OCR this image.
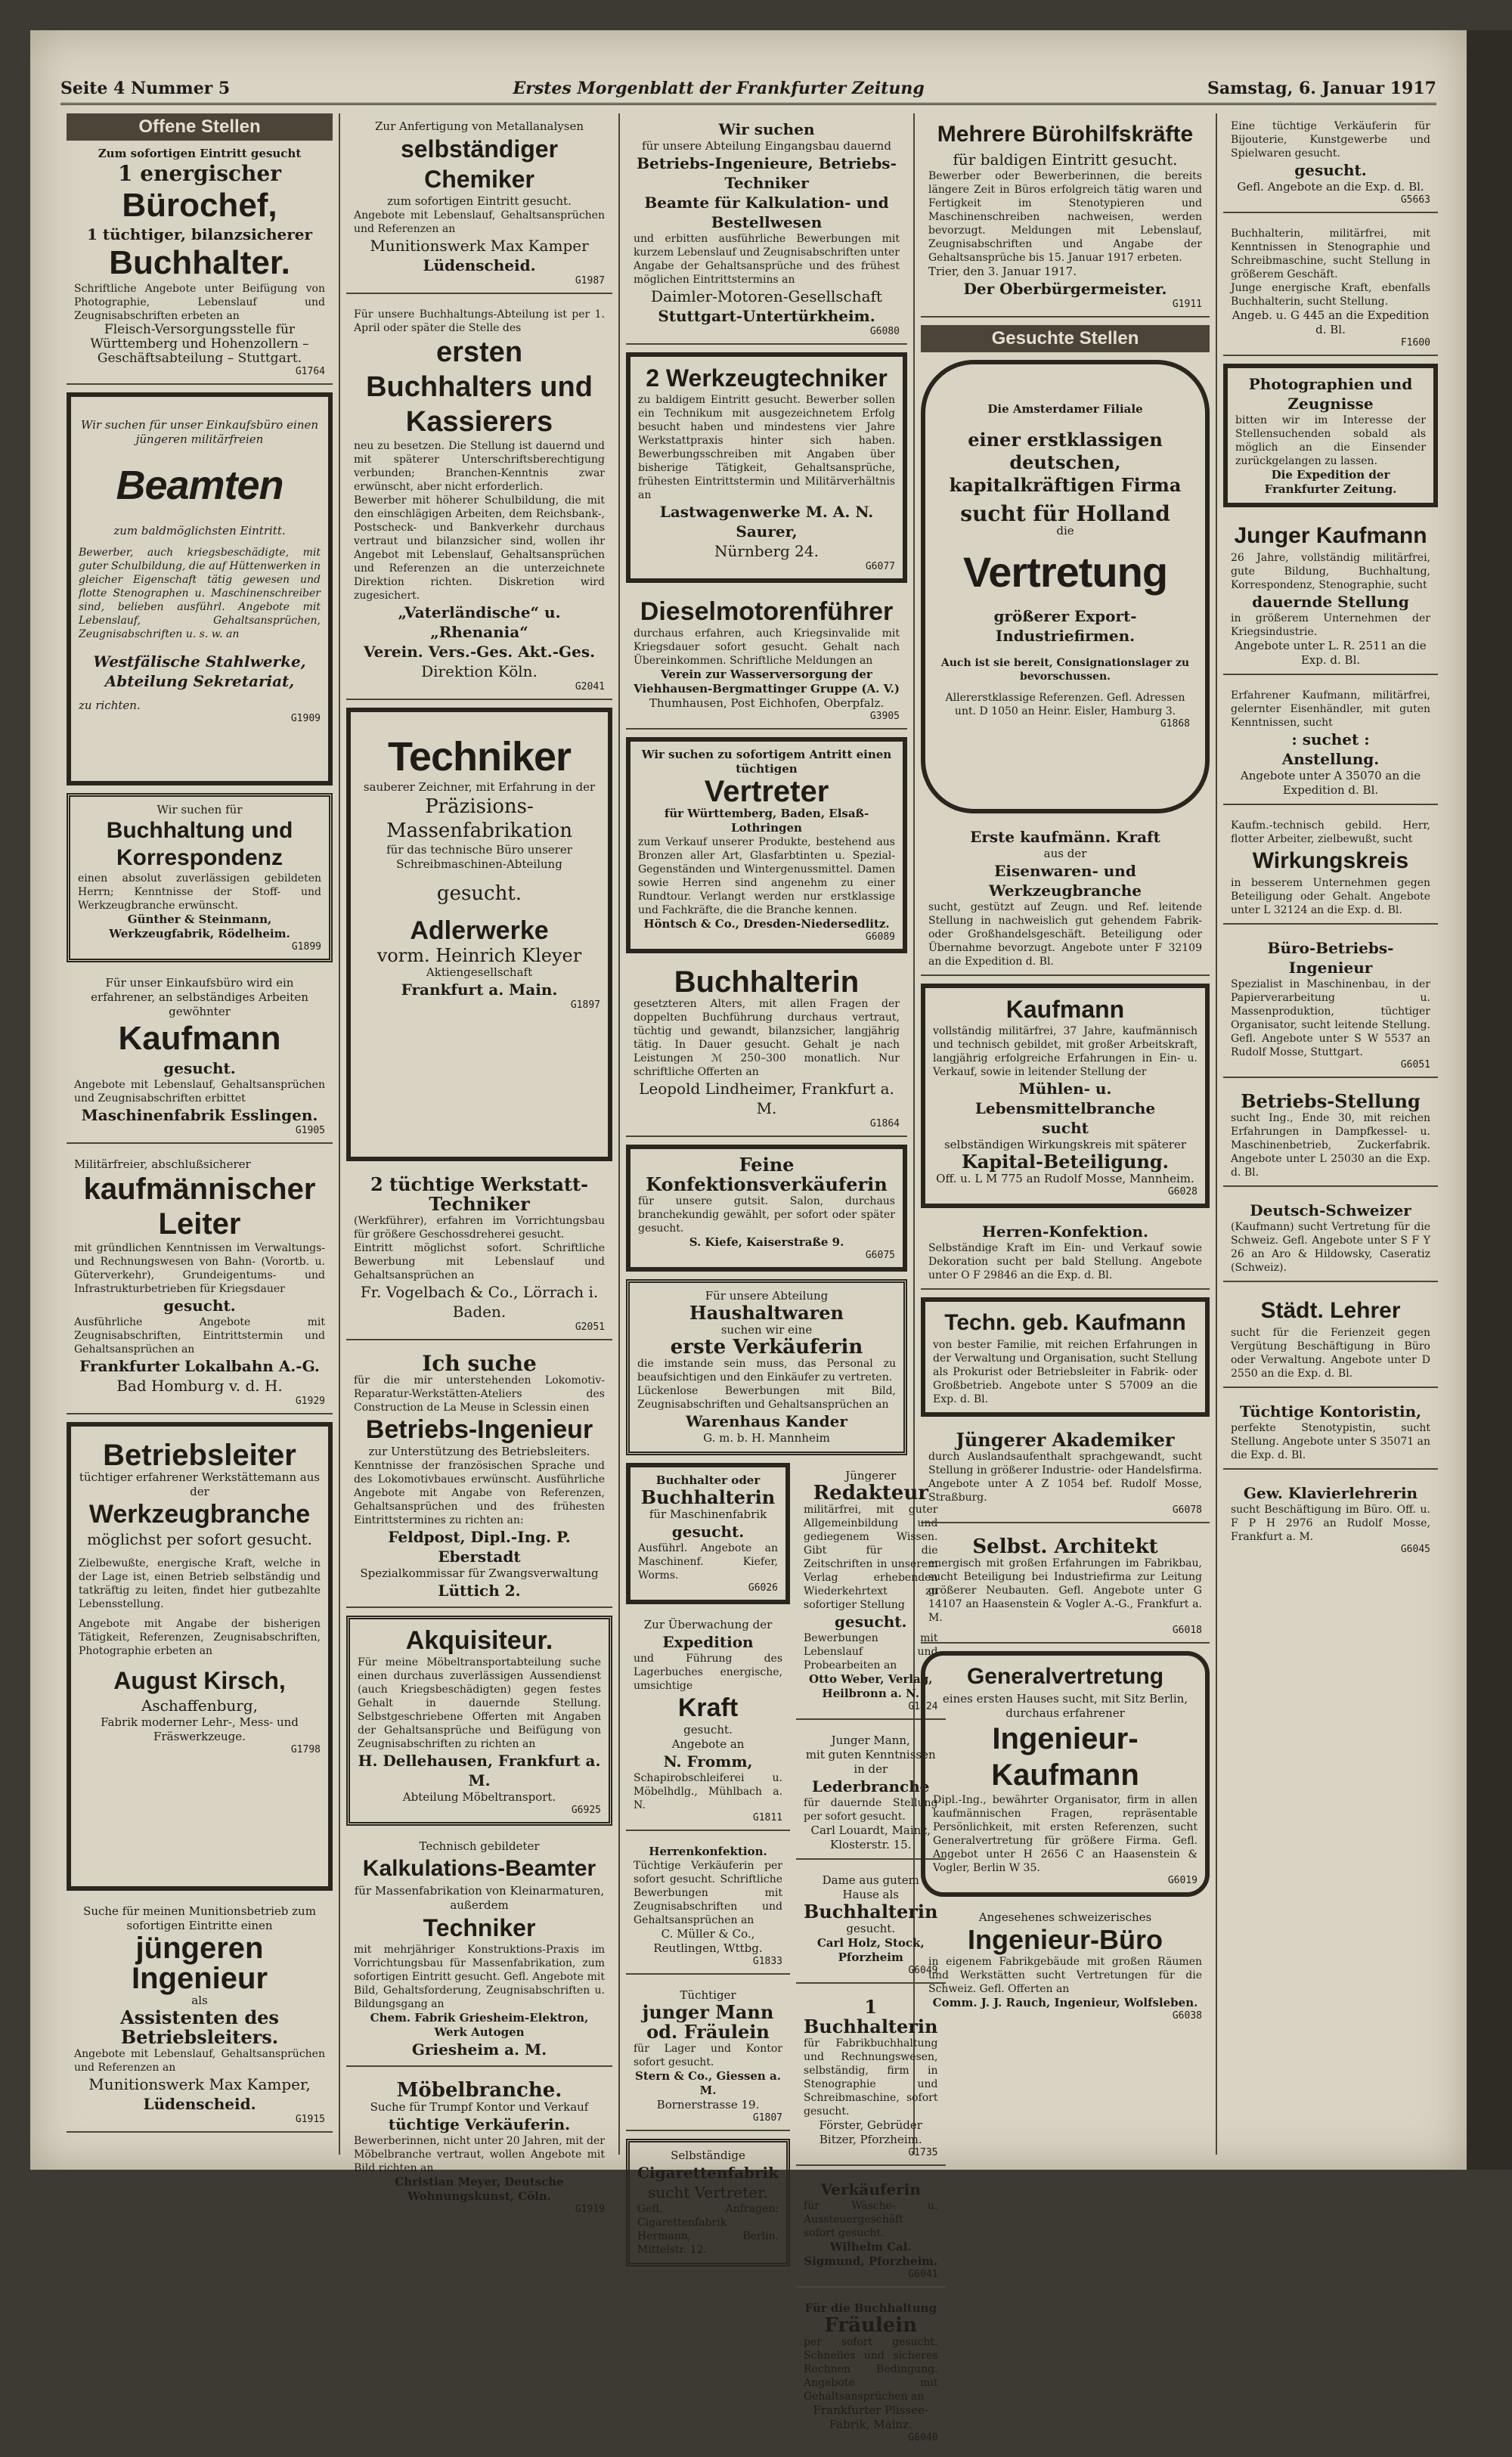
Seite 4 Nummer 5	Erstes Morgenblatt der Frankfurter Zeitung	Samstag, 6. Januar 1917
Offene Stellen
Zum sofortigen Eintritt gesucht
1 energischer
Bürochef,
1 tüchtiger, bilanzsicherer
Buchhalter.
Schriftliche Angebote unter Beifügung von Photographie, Lebenslauf und Zeugnisabschriften erbeten an
Fleisch-Versorgungsstelle für Württemberg und Hohenzollern – Geschäftsabteilung – Stuttgart.
G1764
Wir suchen für unser Einkaufsbüro einen jüngeren militärfreien
Beamten
zum baldmöglichsten Eintritt.
Bewerber, auch kriegsbeschädigte, mit guter Schulbildung, die auf Hüttenwerken in gleicher Eigenschaft tätig gewesen und flotte Stenographen u. Maschinenschreiber sind, belieben ausführl. Angebote mit Lebenslauf, Gehaltsansprüchen, Zeugnisabschriften u. s. w. an
Westfälische Stahlwerke, Abteilung Sekretariat,
zu richten.
G1909
Wir suchen für
Buchhaltung und Korrespondenz
einen absolut zuverlässigen gebildeten Herrn; Kenntnisse der Stoff- und Werkzeugbranche erwünscht.
Günther & Steinmann, Werkzeugfabrik, Rödelheim.
G1899
Für unser Einkaufsbüro wird ein erfahrener, an selbständiges Arbeiten gewöhnter
Kaufmann
gesucht.
Angebote mit Lebenslauf, Gehaltsansprüchen und Zeugnisabschriften erbittet
Maschinenfabrik Esslingen.
G1905
Militärfreier, abschlußsicherer
kaufmännischer Leiter
mit gründlichen Kenntnissen im Verwaltungs- und Rechnungswesen von Bahn- (Vorortb. u. Güterverkehr), Grundeigentums- und Infrastrukturbetrieben für Kriegsdauer
gesucht.
Ausführliche Angebote mit Zeugnisabschriften, Eintrittstermin und Gehaltsansprüchen an
Frankfurter Lokalbahn A.-G.
Bad Homburg v. d. H.
G1929
Betriebsleiter
tüchtiger erfahrener Werkstättemann aus der
Werkzeugbranche
möglichst per sofort gesucht.
Zielbewußte, energische Kraft, welche in der Lage ist, einen Betrieb selbständig und tatkräftig zu leiten, findet hier gutbezahlte Lebensstellung.
Angebote mit Angabe der bisherigen Tätigkeit, Referenzen, Zeugnisabschriften, Photographie erbeten an
August Kirsch,
Aschaffenburg,
Fabrik moderner Lehr-, Mess- und Fräswerkzeuge.
G1798
Suche für meinen Munitionsbetrieb zum sofortigen Eintritte einen
jüngeren Ingenieur
als
Assistenten des Betriebsleiters.
Angebote mit Lebenslauf, Gehaltsansprüchen und Referenzen an
Munitionswerk Max Kamper,
Lüdenscheid.
G1915
Zur Anfertigung von Metallanalysen
selbständiger Chemiker
zum sofortigen Eintritt gesucht.
Angebote mit Lebenslauf, Gehaltsansprüchen und Referenzen an
Munitionswerk Max Kamper
Lüdenscheid.
G1987
Für unsere Buchhaltungs-Abteilung ist per 1. April oder später die Stelle des
ersten Buchhalters und Kassierers
neu zu besetzen. Die Stellung ist dauernd und mit späterer Unterschriftsberechtigung verbunden; Branchen-Kenntnis zwar erwünscht, aber nicht erforderlich.
Bewerber mit höherer Schulbildung, die mit den einschlägigen Arbeiten, dem Reichsbank-, Postscheck- und Bankverkehr durchaus vertraut und bilanzsicher sind, wollen ihr Angebot mit Lebenslauf, Gehaltsansprüchen und Referenzen an die unterzeichnete Direktion richten. Diskretion wird zugesichert.
„Vaterländische“ u. „Rhenania“
Verein. Vers.-Ges. Akt.-Ges.
Direktion Köln.
G2041
Techniker
sauberer Zeichner, mit Erfahrung in der
Präzisions-Massenfabrikation
für das technische Büro unserer Schreibmaschinen-Abteilung
gesucht.
Adlerwerke
vorm. Heinrich Kleyer
Aktiengesellschaft
Frankfurt a. Main.
G1897
2 tüchtige Werkstatt-Techniker
(Werkführer), erfahren im Vorrichtungsbau für größere Geschossdreherei gesucht.
Eintritt möglichst sofort. Schriftliche Bewerbung mit Lebenslauf und Gehaltsansprüchen an
Fr. Vogelbach & Co., Lörrach i. Baden.
G2051
Ich suche
für die mir unterstehenden Lokomotiv-Reparatur-Werkstätten-Ateliers des Construction de La Meuse in Sclessin einen
Betriebs-Ingenieur
zur Unterstützung des Betriebsleiters.
Kenntnisse der französischen Sprache und des Lokomotivbaues erwünscht. Ausführliche Angebote mit Angabe von Referenzen, Gehaltsansprüchen und des frühesten Eintrittstermines zu richten an:
Feldpost, Dipl.-Ing. P. Eberstadt
Spezialkommissar für Zwangsverwaltung
Lüttich 2.
Akquisiteur.
Für meine Möbeltransportabteilung suche einen durchaus zuverlässigen Aussendienst (auch Kriegsbeschädigten) gegen festes Gehalt in dauernde Stellung. Selbstgeschriebene Offerten mit Angaben der Gehaltsansprüche und Beifügung von Zeugnisabschriften zu richten an
H. Dellehausen, Frankfurt a. M.
Abteilung Möbeltransport.
G6925
Technisch gebildeter
Kalkulations-Beamter
für Massenfabrikation von Kleinarmaturen, außerdem
Techniker
mit mehrjähriger Konstruktions-Praxis im Vorrichtungsbau für Massenfabrikation, zum sofortigen Eintritt gesucht. Gefl. Angebote mit Bild, Gehaltsforderung, Zeugnisabschriften u. Bildungsgang an
Chem. Fabrik Griesheim-Elektron, Werk Autogen
Griesheim a. M.
Möbelbranche.
Suche für Trumpf Kontor und Verkauf
tüchtige Verkäuferin.
Bewerberinnen, nicht unter 20 Jahren, mit der Möbelbranche vertraut, wollen Angebote mit Bild richten an
Christian Meyer, Deutsche Wohnungskunst, Cöln.
G1919
Wir suchen
für unsere Abteilung Eingangsbau dauernd
Betriebs-Ingenieure, Betriebs-Techniker
Beamte für Kalkulation- und Bestellwesen
und erbitten ausführliche Bewerbungen mit kurzem Lebenslauf und Zeugnisabschriften unter Angabe der Gehaltsansprüche und des frühest möglichen Eintrittstermins an
Daimler-Motoren-Gesellschaft
Stuttgart-Untertürkheim.
G6080
2 Werkzeugtechniker
zu baldigem Eintritt gesucht. Bewerber sollen ein Technikum mit ausgezeichnetem Erfolg besucht haben und mindestens vier Jahre Werkstattpraxis hinter sich haben. Bewerbungsschreiben mit Angaben über bisherige Tätigkeit, Gehaltsansprüche, frühesten Eintrittstermin und Militärverhältnis an
Lastwagenwerke M. A. N. Saurer,
Nürnberg 24.
G6077
Dieselmotorenführer
durchaus erfahren, auch Kriegsinvalide mit Kriegsdauer sofort gesucht. Gehalt nach Übereinkommen. Schriftliche Meldungen an
Verein zur Wasserversorgung der Viehhausen-Bergmattinger Gruppe (A. V.)
Thumhausen, Post Eichhofen, Oberpfalz.
G3905
Wir suchen zu sofortigem Antritt einen tüchtigen
Vertreter
für Württemberg, Baden, Elsaß-Lothringen
zum Verkauf unserer Produkte, bestehend aus Bronzen aller Art, Glasfarbtinten u. Spezial-Gegenständen und Wintergenussmittel. Damen sowie Herren sind angenehm zu einer Rundtour. Verlangt werden nur erstklassige und Fachkräfte, die die Branche kennen.
Höntsch & Co., Dresden-Niedersedlitz.
G6089
Buchhalterin
gesetzteren Alters, mit allen Fragen der doppelten Buchführung durchaus vertraut, tüchtig und gewandt, bilanzsicher, langjährig tätig. In Dauer gesucht. Gehalt je nach Leistungen ℳ 250–300 monatlich. Nur schriftliche Offerten an
Leopold Lindheimer, Frankfurt a. M.
G1864
Feine Konfektionsverkäuferin
für unsere gutsit. Salon, durchaus branchekundig gewählt, per sofort oder später gesucht.
S. Kiefe, Kaiserstraße 9.
G6075
Für unsere Abteilung
Haushaltwaren
suchen wir eine
erste Verkäuferin
die imstande sein muss, das Personal zu beaufsichtigen und den Einkäufer zu vertreten.
Lückenlose Bewerbungen mit Bild, Zeugnisabschriften und Gehaltsansprüchen an
Warenhaus Kander
G. m. b. H. Mannheim
Buchhalter oder
Buchhalterin
für Maschinenfabrik
gesucht.
Ausführl. Angebote an Maschinenf. Kiefer, Worms.
G6026
Zur Überwachung der
Expedition
und Führung des Lagerbuches energische, umsichtige
Kraft
gesucht.
Angebote an
N. Fromm,
Schapirobschleiferei u. Möbelhdlg., Mühlbach a. N.
G1811
Herrenkonfektion.
Tüchtige Verkäuferin per sofort gesucht. Schriftliche Bewerbungen mit Zeugnisabschriften und Gehaltsansprüchen an
C. Müller & Co., Reutlingen, Wttbg.
G1833
Tüchtiger
junger Mann
od. Fräulein
für Lager und Kontor sofort gesucht.
Stern & Co., Giessen a. M.
Bornerstrasse 19.
G1807
Selbständige
Cigarettenfabrik
sucht Vertreter.
Gefl. Anfragen: Cigarettenfabrik Hermann, Berlin, Mittelstr. 12.
Jüngerer
Redakteur
militärfrei, mit guter Allgemeinbildung und gediegenem Wissen. Gibt für die Zeitschriften in unserem Verlag erhebenden Wiederkehrtext zu sofortiger Stellung
gesucht.
Bewerbungen mit Lebenslauf und Probearbeiten an
Otto Weber, Verlag, Heilbronn a. N.
G1824
Junger Mann,
mit guten Kenntnissen in der
Lederbranche
für dauernde Stellung per sofort gesucht.
Carl Louardt, Mainz, Klosterstr. 15.
Dame aus gutem Hause als
Buchhalterin
gesucht.
Carl Holz, Stock, Pforzheim
G6049
1 Buchhalterin
für Fabrikbuchhaltung und Rechnungswesen, selbständig, firm in Stenographie und Schreibmaschine, sofort gesucht.
Förster, Gebrüder Bitzer, Pforzheim.
G1735
Verkäuferin
für Wäsche- u. Aussteuergeschäft sofort gesucht.
Wilhelm Cal. Sigmund, Pforzheim.
G6041
Für die Buchhaltung
Fräulein
per sofort gesucht. Schnelles und sicheres Rechnen Bedingung. Angebote mit Gehaltsansprüchen an
Frankfurter Plissee-Fabrik, Mainz.
G6040
Mehrere Bürohilfskräfte
für baldigen Eintritt gesucht.
Bewerber oder Bewerberinnen, die bereits längere Zeit in Büros erfolgreich tätig waren und Fertigkeit im Stenotypieren und Maschinenschreiben nachweisen, werden bevorzugt. Meldungen mit Lebenslauf, Zeugnisabschriften und Angabe der Gehaltsansprüche bis 15. Januar 1917 erbeten.
Trier, den 3. Januar 1917.
Der Oberbürgermeister.
G1911
Gesuchte Stellen
Die Amsterdamer Filiale
einer erstklassigen deutschen, kapitalkräftigen Firma
sucht für Holland
die
Vertretung
größerer Export-Industriefirmen.
Auch ist sie bereit, Consignationslager zu bevorschussen.
Allererstklassige Referenzen. Gefl. Adressen unt. D 1050 an Heinr. Eisler, Hamburg 3.
G1868
Erste kaufmänn. Kraft
aus der
Eisenwaren- und Werkzeugbranche
sucht, gestützt auf Zeugn. und Ref. leitende Stellung in nachweislich gut gehendem Fabrik- oder Großhandelsgeschäft. Beteiligung oder Übernahme bevorzugt. Angebote unter F 32109 an die Expedition d. Bl.
Kaufmann
vollständig militärfrei, 37 Jahre, kaufmännisch und technisch gebildet, mit großer Arbeitskraft, langjährig erfolgreiche Erfahrungen in Ein- u. Verkauf, sowie in leitender Stellung der
Mühlen- u. Lebensmittelbranche
sucht
selbständigen Wirkungskreis mit späterer
Kapital-Beteiligung.
Off. u. L M 775 an Rudolf Mosse, Mannheim.
G6028
Herren-Konfektion.
Selbständige Kraft im Ein- und Verkauf sowie Dekoration sucht per bald Stellung. Angebote unter O F 29846 an die Exp. d. Bl.
Techn. geb. Kaufmann
von bester Familie, mit reichen Erfahrungen in der Verwaltung und Organisation, sucht Stellung als Prokurist oder Betriebsleiter in Fabrik- oder Großbetrieb. Angebote unter S 57009 an die Exp. d. Bl.
Jüngerer Akademiker
durch Auslandsaufenthalt sprachgewandt, sucht Stellung in größerer Industrie- oder Handelsfirma. Angebote unter A Z 1054 bef. Rudolf Mosse, Straßburg.
G6078
Selbst. Architekt
energisch mit großen Erfahrungen im Fabrikbau, sucht Beteiligung bei Industriefirma zur Leitung größerer Neubauten. Gefl. Angebote unter G 14107 an Haasenstein & Vogler A.-G., Frankfurt a. M.
G6018
Generalvertretung
eines ersten Hauses sucht, mit Sitz Berlin, durchaus erfahrener
Ingenieur-Kaufmann
Dipl.-Ing., bewährter Organisator, firm in allen kaufmännischen Fragen, repräsentable Persönlichkeit, mit ersten Referenzen, sucht Generalvertretung für größere Firma. Gefl. Angebot unter H 2656 C an Haasenstein & Vogler, Berlin W 35.
G6019
Angesehenes schweizerisches
Ingenieur-Büro
in eigenem Fabrikgebäude mit großen Räumen und Werkstätten sucht Vertretungen für die Schweiz. Gefl. Offerten an
Comm. J. J. Rauch, Ingenieur, Wolfsleben.
G6038
Eine tüchtige Verkäuferin für Bijouterie, Kunstgewerbe und Spielwaren gesucht.
gesucht.
Gefl. Angebote an die Exp. d. Bl.
G5663
Buchhalterin, militärfrei, mit Kenntnissen in Stenographie und Schreibmaschine, sucht Stellung in größerem Geschäft.
Junge energische Kraft, ebenfalls Buchhalterin, sucht Stellung.
Angeb. u. G 445 an die Expedition d. Bl.
F1600
Photographien und Zeugnisse
bitten wir im Interesse der Stellensuchenden sobald als möglich an die Einsender zurückgelangen zu lassen.
Die Expedition der Frankfurter Zeitung.
Junger Kaufmann
26 Jahre, vollständig militärfrei, gute Bildung, Buchhaltung, Korrespondenz, Stenographie, sucht
dauernde Stellung
in größerem Unternehmen der Kriegsindustrie.
Angebote unter L. R. 2511 an die Exp. d. Bl.
Erfahrener Kaufmann, militärfrei, gelernter Eisenhändler, mit guten Kenntnissen, sucht
: suchet :
Anstellung.
Angebote unter A 35070 an die Expedition d. Bl.
Kaufm.-technisch gebild. Herr, flotter Arbeiter, zielbewußt, sucht
Wirkungskreis
in besserem Unternehmen gegen Beteiligung oder Gehalt. Angebote unter L 32124 an die Exp. d. Bl.
Büro-Betriebs-Ingenieur
Spezialist in Maschinenbau, in der Papierverarbeitung u. Massenproduktion, tüchtiger Organisator, sucht leitende Stellung. Gefl. Angebote unter S W 5537 an Rudolf Mosse, Stuttgart.
G6051
Betriebs-Stellung
sucht Ing., Ende 30, mit reichen Erfahrungen in Dampfkessel- u. Maschinenbetrieb, Zuckerfabrik. Angebote unter L 25030 an die Exp. d. Bl.
Deutsch-Schweizer
(Kaufmann) sucht Vertretung für die Schweiz. Gefl. Angebote unter S F Y 26 an Aro & Hildowsky, Caseratiz (Schweiz).
Städt. Lehrer
sucht für die Ferienzeit gegen Vergütung Beschäftigung in Büro oder Verwaltung. Angebote unter D 2550 an die Exp. d. Bl.
Tüchtige Kontoristin,
perfekte Stenotypistin, sucht Stellung. Angebote unter S 35071 an die Exp. d. Bl.
Gew. Klavierlehrerin
sucht Beschäftigung im Büro. Off. u. F P H 2976 an Rudolf Mosse, Frankfurt a. M.
G6045
